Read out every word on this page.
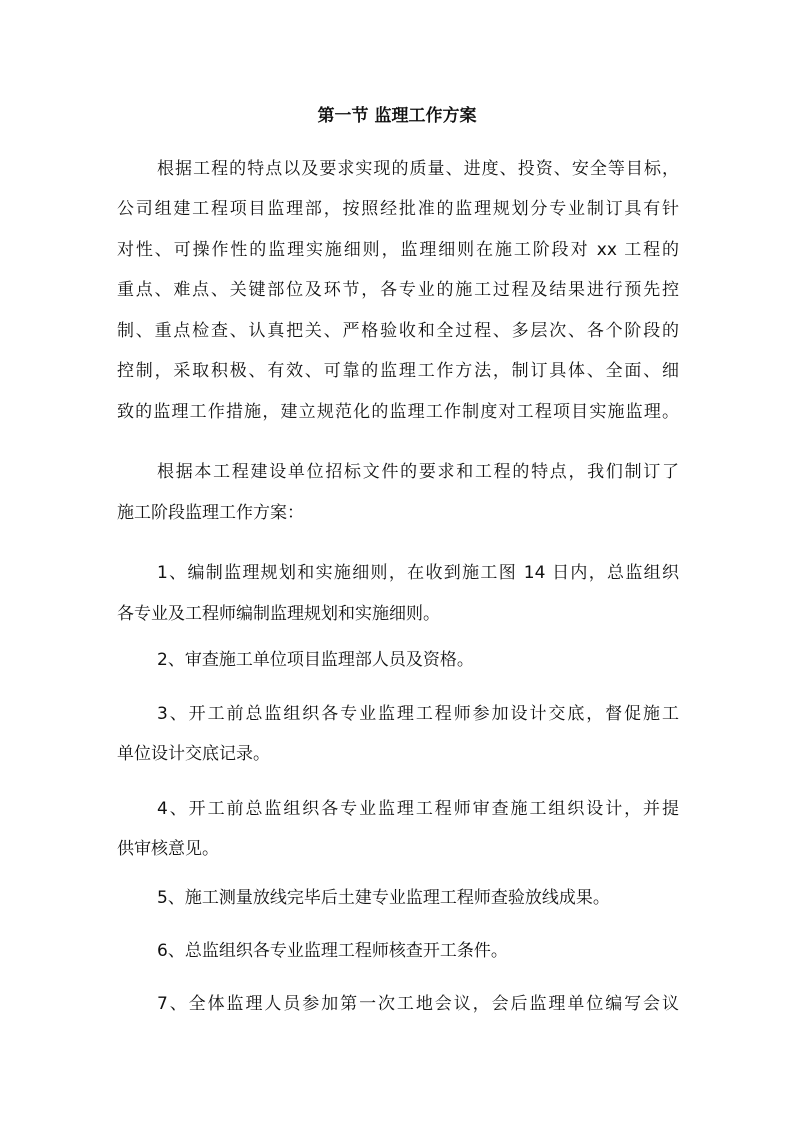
第一节 监理工作方案
根据工程的特点以及要求实现的质量、进度、投资、安全等目标，
公司组建工程项目监理部，按照经批准的监理规划分专业制订具有针
对性、可操作性的监理实施细则，监理细则在施工阶段对 xx 工程的
重点、难点、关键部位及环节，各专业的施工过程及结果进行预先控
制、重点检查、认真把关、严格验收和全过程、多层次、各个阶段的
控制，采取积极、有效、可靠的监理工作方法，制订具体、全面、细
致的监理工作措施，建立规范化的监理工作制度对工程项目实施监理。
根据本工程建设单位招标文件的要求和工程的特点，我们制订了
施工阶段监理工作方案：
1、编制监理规划和实施细则，在收到施工图 14 日内，总监组织
各专业及工程师编制监理规划和实施细则。
2、审查施工单位项目监理部人员及资格。
3、开工前总监组织各专业监理工程师参加设计交底，督促施工
单位设计交底记录。
4、开工前总监组织各专业监理工程师审查施工组织设计，并提
供审核意见。
5、施工测量放线完毕后土建专业监理工程师查验放线成果。
6、总监组织各专业监理工程师核查开工条件。
7、全体监理人员参加第一次工地会议，会后监理单位编写会议
